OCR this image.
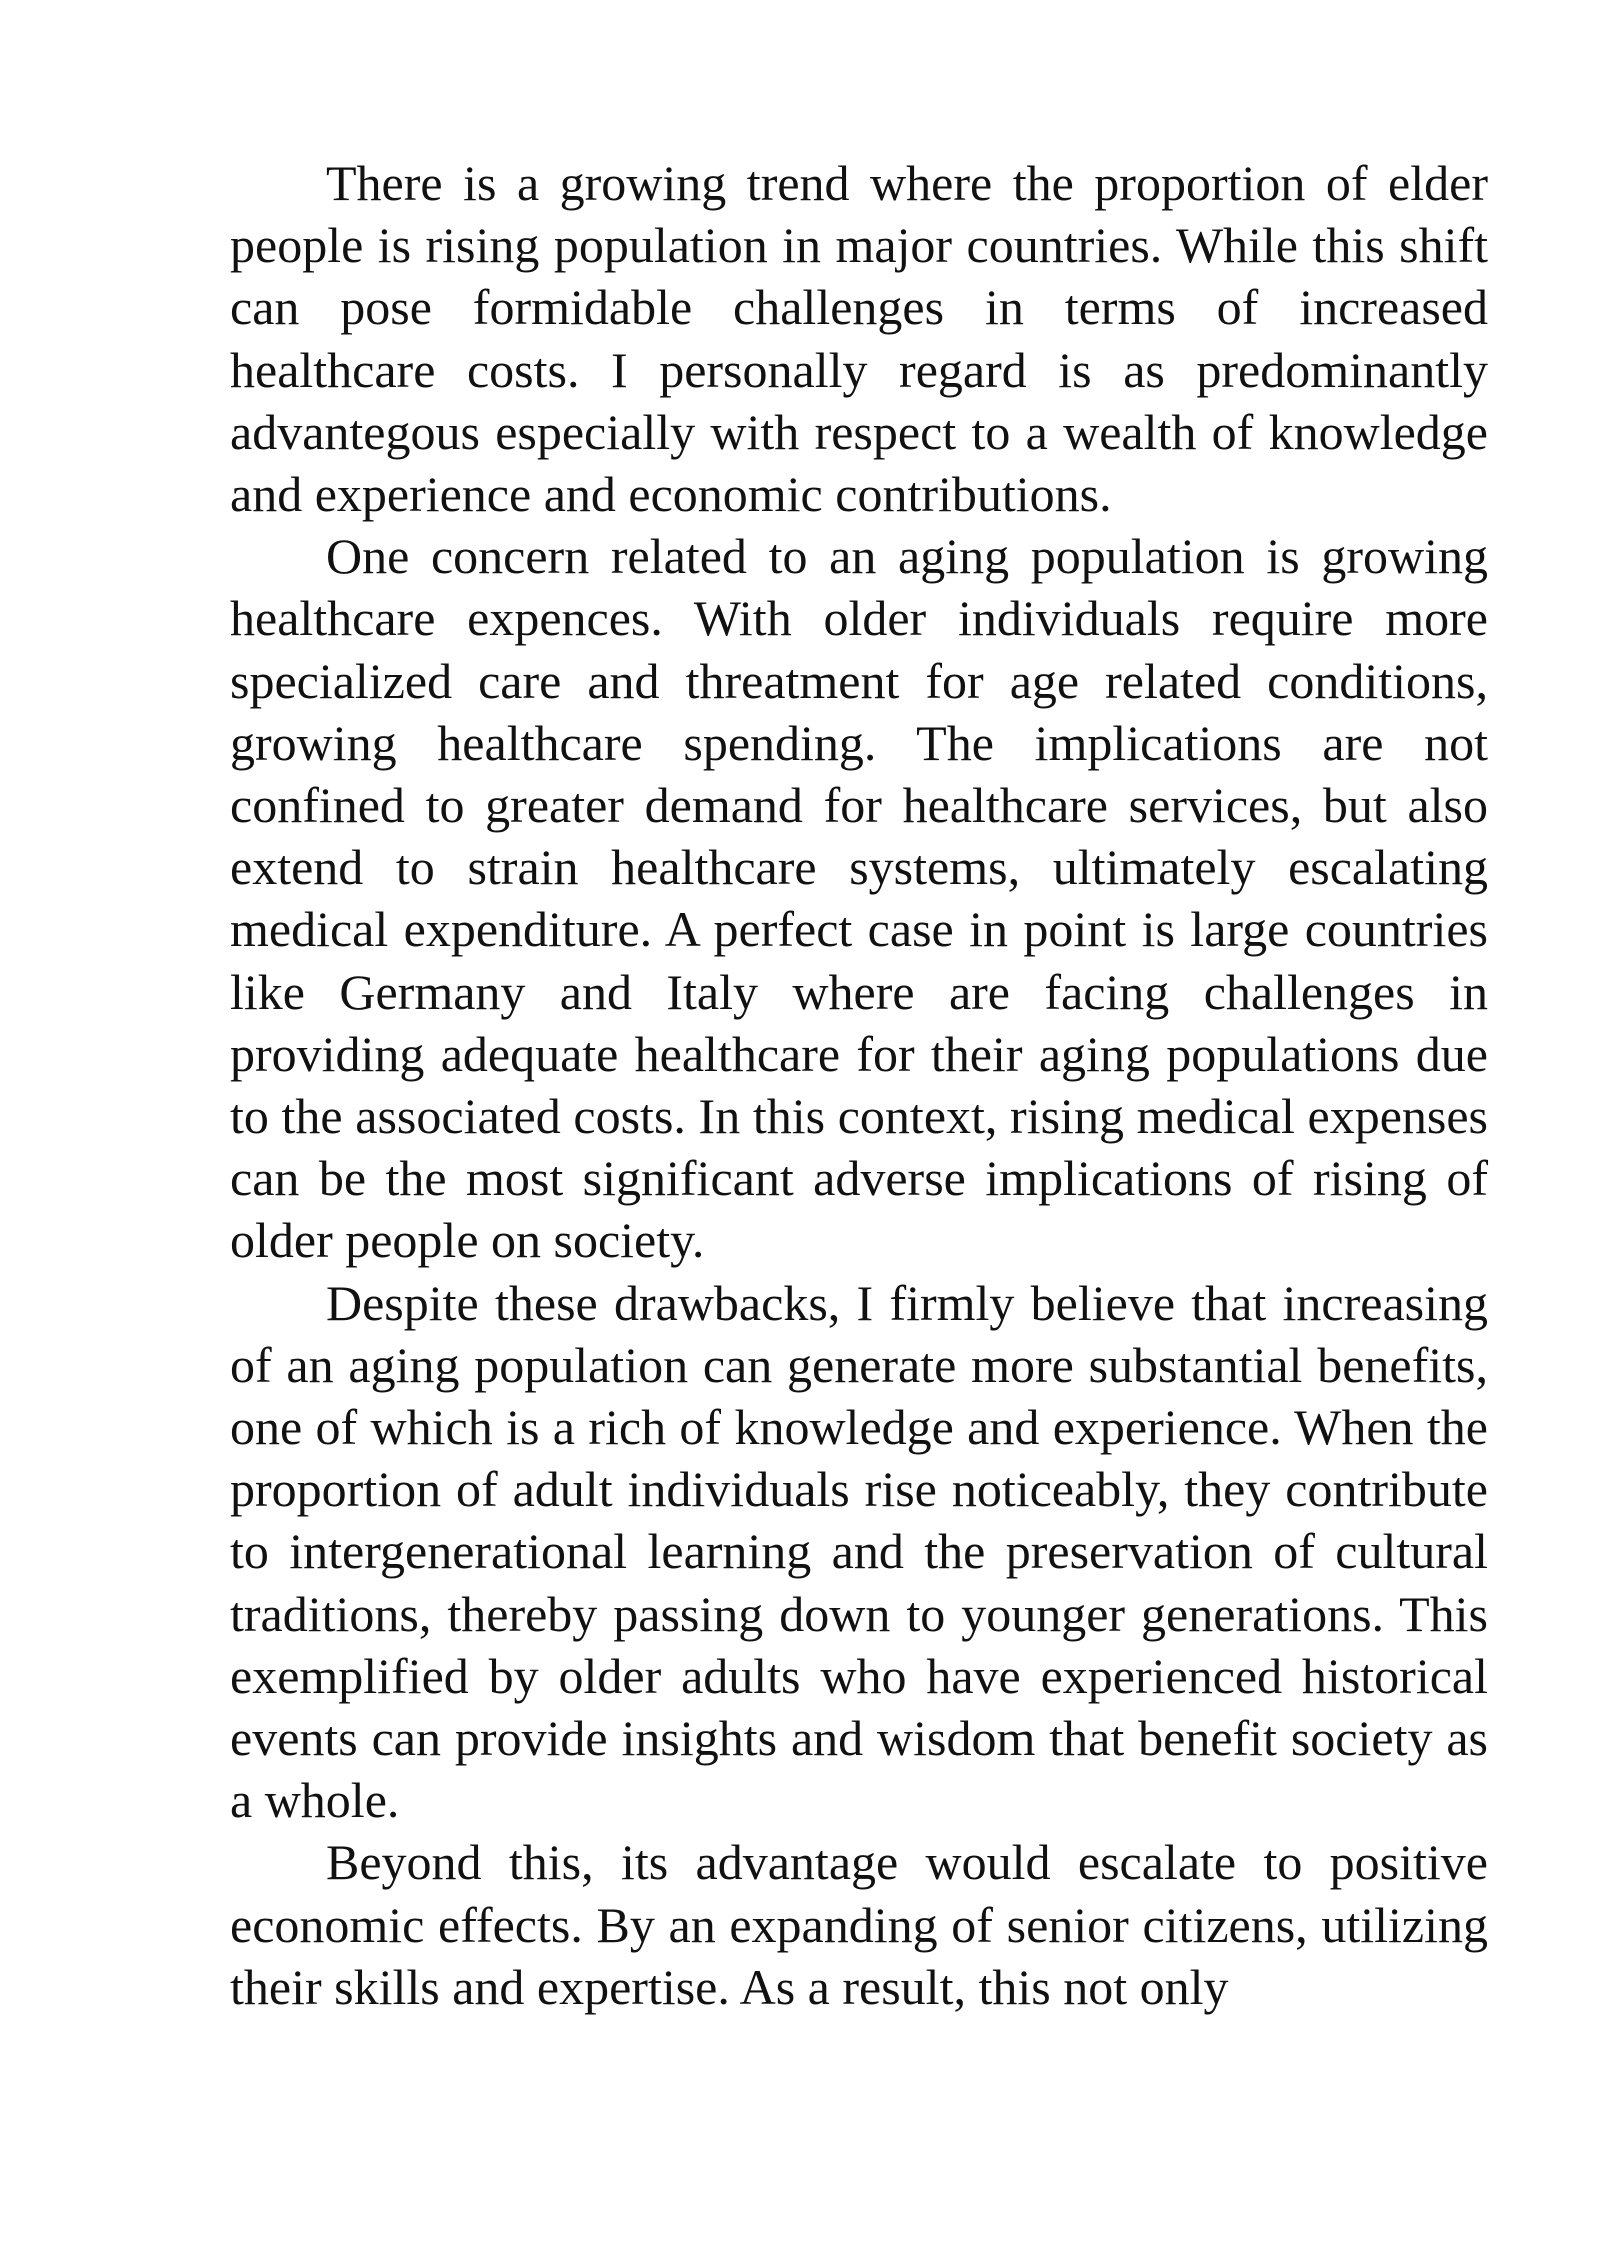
There is a growing trend where the proportion of elder people is rising population in major countries. While this shift can pose formidable challenges in terms of increased healthcare costs. I personally regard is as predominantly advantegous especially with respect to a wealth of knowledge and experience and economic contributions.

One concern related to an aging population is growing healthcare expences. With older individuals require more specialized care and threatment for age related conditions, growing healthcare spending. The implications are not confined to greater demand for healthcare services, but also extend to strain healthcare systems, ultimately escalating medical expenditure. A perfect case in point is large countries like Germany and Italy where are facing challenges in providing adequate healthcare for their aging populations due to the associated costs. In this context, rising medical expenses can be the most significant adverse implications of rising of older people on society.

Despite these drawbacks, I firmly believe that increasing of an aging population can generate more substantial benefits, one of which is a rich of knowledge and experience. When the proportion of adult individuals rise noticeably, they contribute to intergenerational learning and the preservation of cultural traditions, thereby passing down to younger generations. This exemplified by older adults who have experienced historical events can provide insights and wisdom that benefit society as a whole.

Beyond this, its advantage would escalate to positive economic effects. By an expanding of senior citizens, utilizing their skills and expertise. As a result, this not only
